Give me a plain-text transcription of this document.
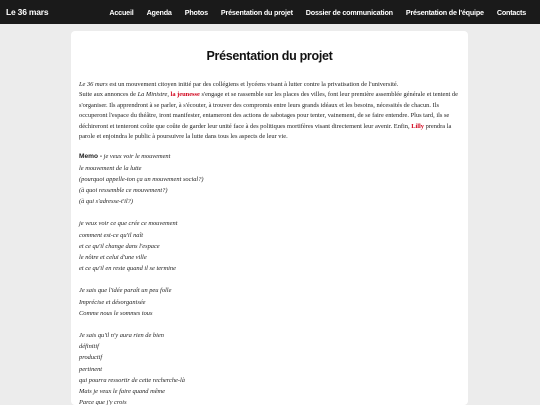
Le 36 mars	Accueil Agenda Photos Présentation du projet Dossier de communication Présentation de l'équipe Contacts
Présentation du projet

Le 36 mars est un mouvement citoyen initié par des collégiens et lycéens visant à lutter contre la privatisation de l'université.

Suite aux annonces de La Ministre, la jeunesse s'engage et se rassemble sur les places des villes, font leur première assemblée générale et tentent de s'organiser. Ils apprendront à se parler, à s'écouter, à trouver des compromis entre leurs grands idéaux et les besoins, nécessités de chacun. Ils occuperont l'espace du théâtre, iront manifester, entameront des actions de sabotages pour tenter, vainement, de se faire entendre. Plus tard, ils se déchireront et tenteront coûte que coûte de garder leur unité face à des politiques mortifères visant directement leur avenir. Enfin, Lilly prendra la parole et enjoindra le public à poursuivre la lutte dans tous les aspects de leur vie.

Memo - je veux voir le mouvement
le mouvement de la lutte
(pourquoi appelle-ton ça un mouvement social?)
(à quoi ressemble ce mouvement?)
(à qui s'adresse-t'il?)
je veux voir ce que crée ce mouvement
comment est-ce qu'il naît
et ce qu'il change dans l'espace
le nôtre et celui d'une ville
et ce qu'il en reste quand il se termine
Je sais que l'idée paraît un peu folle
Imprécise et désorganisée
Comme nous le sommes tous
Je sais qu'il n'y aura rien de bien
définitif
productif
pertinent
qui pourra ressortir de cette recherche-là
Mais je veux le faire quand même
Parce que j'y crois
